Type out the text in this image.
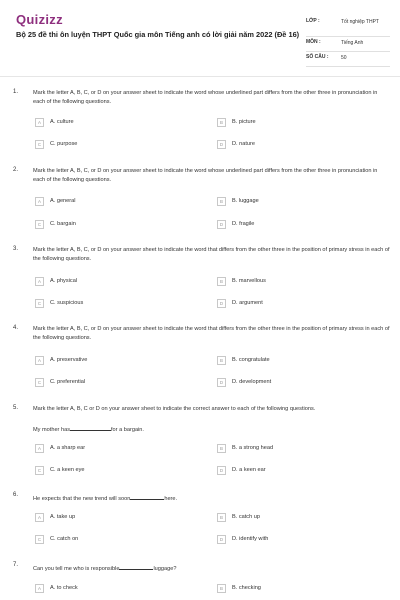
Quizizz
Bộ 25 đề thi ôn luyện THPT Quốc gia môn Tiếng anh có lời giải năm 2022 (Đề 16)
LỚP :	Tốt nghiệp THPT
MÔN :	Tiếng Anh
SỐ CÂU :	50
1.	Mark the letter A, B, C, or D on your answer sheet to indicate the word whose underlined part differs from the other three in pronunciation in each of the following questions.
A	A. culture	B	B. picture
C	C. purpose	D	D. nature
2.	Mark the letter A, B, C, or D on your answer sheet to indicate the word whose underlined part differs from the other three in pronunciation in each of the following questions.
A	A. general	B	B. luggage
C	C. bargain	D	D. fragile
3.	Mark the letter A, B, C, or D on your answer sheet to indicate the word that differs from the other three in the position of primary stress in each of the following questions.
A	A. physical	B	B. marvellous
C	C. suspicious	D	D. argument
4.	Mark the letter A, B, C, or D on your answer sheet to indicate the word that differs from the other three in the position of primary stress in each of the following questions.
A	A. preservative	B	B. congratulate
C	C. preferential	D	D. development
5.	Mark the letter A, B, C or D on your answer sheet to indicate the correct answer to each of the following questions.
My mother has	for a bargain.
A	A. a sharp ear	B	B. a strong head
C	C. a keen eye	D	D. a keen ear
6.
He expects that the new trend will soon	here.
A	A. take up	B	B. catch up
C	C. catch on	D	D. identify with
7.
Can you tell me who is responsible	luggage?
A	A. to check	B	B. checking
